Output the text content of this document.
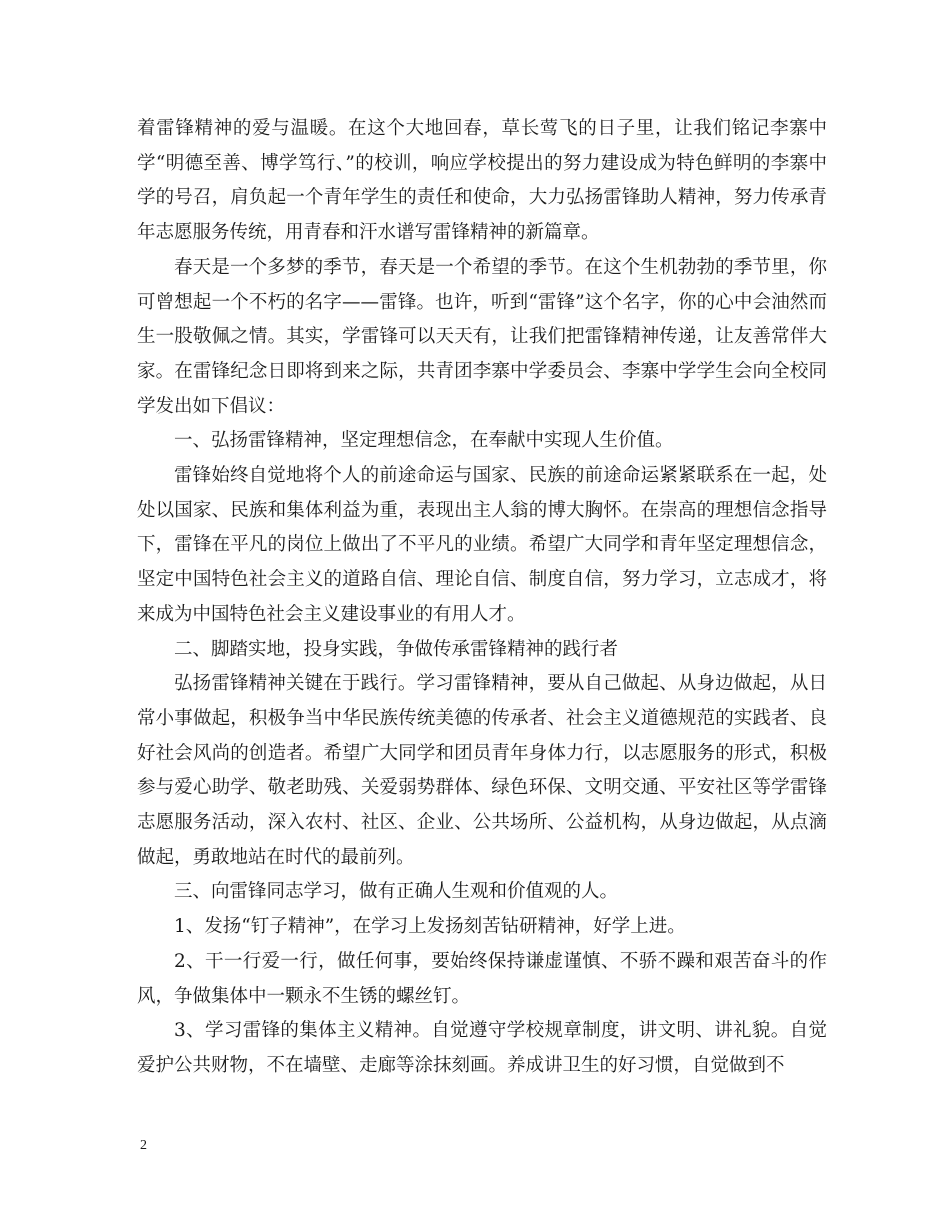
着雷锋精神的爱与温暖。在这个大地回春，草长莺飞的日子里，让我们铭记李寨中学“明德至善、博学笃行、”的校训，响应学校提出的努力建设成为特色鲜明的李寨中学的号召，肩负起一个青年学生的责任和使命，大力弘扬雷锋助人精神，努力传承青年志愿服务传统，用青春和汗水谱写雷锋精神的新篇章。

春天是一个多梦的季节，春天是一个希望的季节。在这个生机勃勃的季节里，你可曾想起一个不朽的名字——雷锋。也许，听到“雷锋”这个名字，你的心中会油然而生一股敬佩之情。其实，学雷锋可以天天有，让我们把雷锋精神传递，让友善常伴大家。在雷锋纪念日即将到来之际，共青团李寨中学委员会、李寨中学学生会向全校同学发出如下倡议：

一、弘扬雷锋精神，坚定理想信念，在奉献中实现人生价值。

雷锋始终自觉地将个人的前途命运与国家、民族的前途命运紧紧联系在一起，处处以国家、民族和集体利益为重，表现出主人翁的博大胸怀。在崇高的理想信念指导下，雷锋在平凡的岗位上做出了不平凡的业绩。希望广大同学和青年坚定理想信念，坚定中国特色社会主义的道路自信、理论自信、制度自信，努力学习，立志成才，将来成为中国特色社会主义建设事业的有用人才。

二、脚踏实地，投身实践，争做传承雷锋精神的践行者

弘扬雷锋精神关键在于践行。学习雷锋精神，要从自己做起、从身边做起，从日常小事做起，积极争当中华民族传统美德的传承者、社会主义道德规范的实践者、良好社会风尚的创造者。希望广大同学和团员青年身体力行，以志愿服务的形式，积极参与爱心助学、敬老助残、关爱弱势群体、绿色环保、文明交通、平安社区等学雷锋志愿服务活动，深入农村、社区、企业、公共场所、公益机构，从身边做起，从点滴做起，勇敢地站在时代的最前列。

三、向雷锋同志学习，做有正确人生观和价值观的人。

1、发扬“钉子精神”，在学习上发扬刻苦钻研精神，好学上进。

2、干一行爱一行，做任何事，要始终保持谦虚谨慎、不骄不躁和艰苦奋斗的作风，争做集体中一颗永不生锈的螺丝钉。

3、学习雷锋的集体主义精神。自觉遵守学校规章制度，讲文明、讲礼貌。自觉爱护公共财物，不在墙壁、走廊等涂抹刻画。养成讲卫生的好习惯，自觉做到不

2
